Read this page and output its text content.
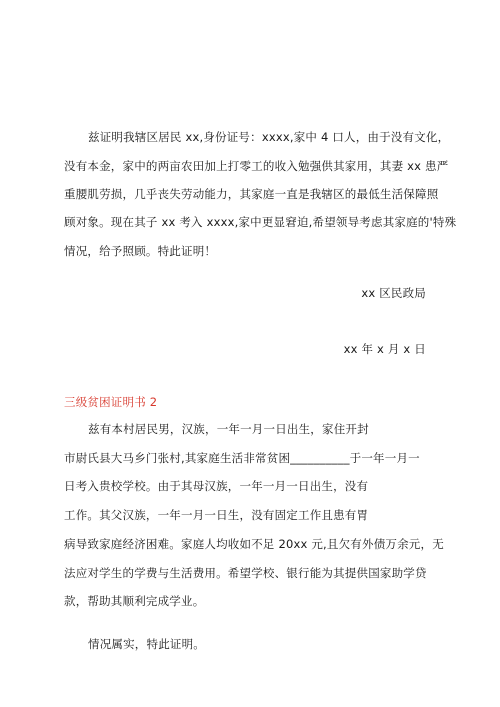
兹证明我辖区居民 xx,身份证号：xxxx,家中 4 口人，由于没有文化，
没有本金，家中的两亩农田加上打零工的收入勉强供其家用，其妻 xx 患严
重腰肌劳损，几乎丧失劳动能力，其家庭一直是我辖区的最低生活保障照
顾对象。现在其子 xx 考入 xxxx,家中更显窘迫,希望领导考虑其家庭的'特殊
情况，给予照顾。特此证明！
xx 区民政局
xx 年 x 月 x 日
三级贫困证明书 2
兹有本村居民男，汉族，一年一月一日出生，家住开封
市尉氏县大马乡门张村,其家庭生活非常贫困__________于一年一月一
日考入贵校学校。由于其母汉族，一年一月一日出生，没有
工作。其父汉族，一年一月一日生，没有固定工作且患有胃
病导致家庭经济困难。家庭人均收如不足 20xx 元,且欠有外债万余元，无
法应对学生的学费与生活费用。希望学校、银行能为其提供国家助学贷
款，帮助其顺利完成学业。
情况属实，特此证明。
